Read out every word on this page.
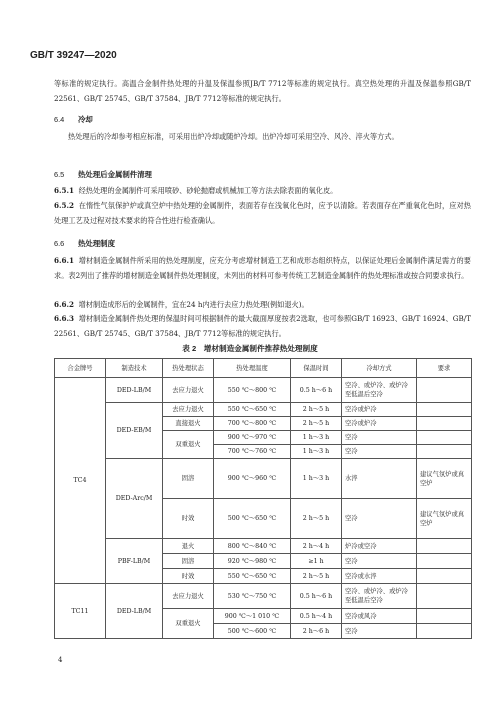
GB/T 39247—2020
等标准的规定执行。高温合金制件热处理的升温及保温参照JB/T 7712等标准的规定执行。真空热处理的升温及保温参照GB/T 22561、GB/T 25745、GB/T 37584、JB/T 7712等标准的规定执行。
6.4 冷却
热处理后的冷却参考相应标准，可采用出炉冷却或随炉冷却。出炉冷却可采用空冷、风冷、淬火等方式。
6.5 热处理后金属制件清理
6.5.1 经热处理的金属制件可采用喷砂、砂轮抛磨或机械加工等方法去除表面的氧化皮。
6.5.2 在惰性气氛保护炉或真空炉中热处理的金属制件，表面若存在浅氧化色时，应予以清除。若表面存在严重氧化色时，应对热处理工艺及过程对技术要求的符合性进行检查确认。
6.6 热处理制度
6.6.1 增材制造金属制件所采用的热处理制度，应充分考虑增材制造工艺和成形态组织特点，以保证处理后金属制件满足需方的要求。表2列出了推荐的增材制造金属制件热处理制度，未列出的材料可参考传统工艺制造金属制件的热处理标准或按合同要求执行。
6.6.2 增材制造成形后的金属制件，宜在24 h内进行去应力热处理(例如退火)。
6.6.3 增材制造金属制件热处理的保温时间可根据制件的最大截面厚度按表2选取，也可参照GB/T 16923、GB/T 16924、GB/T 22561、GB/T 25745、GB/T 37584、JB/T 7712等标准的规定执行。
表 2　增材制造金属制件推荐热处理制度
合金牌号	制造技术	热处理状态	热处理温度	保温时间	冷却方式	要求
TC4	DED-LB/M	去应力退火	550 ℃～800 ℃	0.5 h～6 h	空冷、或炉冷、或炉冷至低温后空冷	
	DED-EB/M	去应力退火	550 ℃～650 ℃	2 h～5 h	空冷或炉冷	
		直接退火	700 ℃～800 ℃	2 h～5 h	空冷或炉冷	
		双重退火	900 ℃～970 ℃	1 h～3 h	空冷	
			700 ℃～760 ℃	1 h～3 h	空冷	
	DED-Arc/M	固溶	900 ℃～960 ℃	1 h～3 h	水淬	建议气氛炉或真空炉
		时效	500 ℃～650 ℃	2 h～5 h	空冷	建议气氛炉或真空炉
	PBF-LB/M	退火	800 ℃～840 ℃	2 h～4 h	炉冷或空冷	
		固溶	920 ℃～980 ℃	≥1 h	空冷	
		时效	550 ℃～650 ℃	2 h～5 h	空冷或水淬	
TC11	DED-LB/M	去应力退火	530 ℃～750 ℃	0.5 h～6 h	空冷、或炉冷、或炉冷至低温后空冷	
		双重退火	900 ℃～1 010 ℃	0.5 h～4 h	空冷或风冷	
			500 ℃～600 ℃	2 h～6 h	空冷	
4
